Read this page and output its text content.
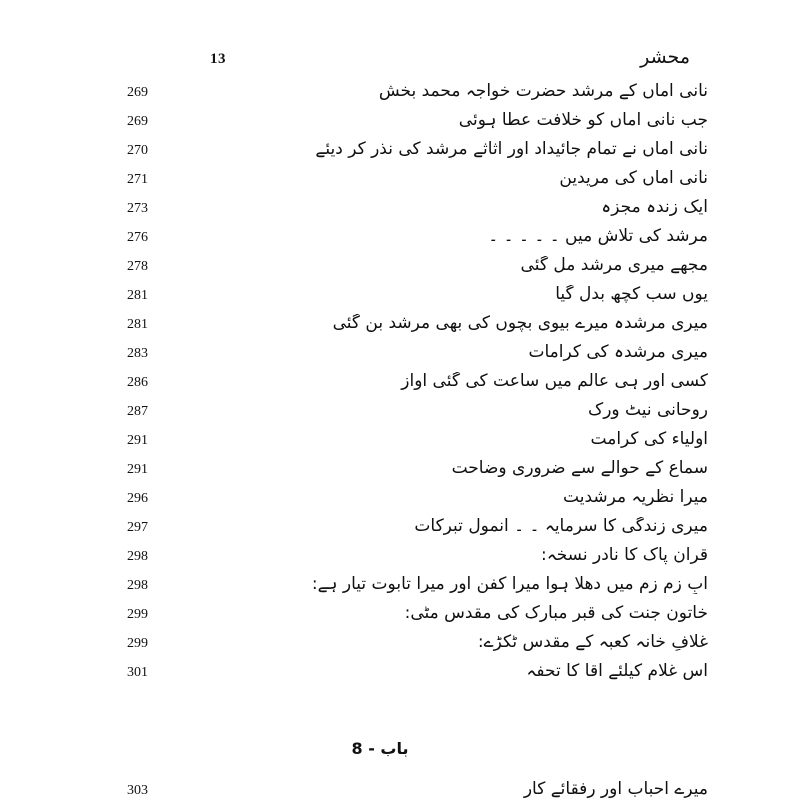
13	محشر
269	نانی اماں کے مرشد حضرت خواجہ محمد بخش
269	جب نانی اماں کو خلافت عطا ہوئی
270	نانی اماں نے تمام جائیداد اور اثاثے مرشد کی نذر کر دیئے
271	نانی اماں کی مریدین
273	ایک زندہ مجزہ
276	مرشد کی تلاش میں ۔ ۔ ۔ ۔ ۔
278	مجھے میری مرشد مل گئی
281	یوں سب کچھ بدل گیا
281	میری مرشدہ میرے بیوی بچوں کی بھی مرشد بن گئی
283	میری مرشدہ کی کرامات
286	کسی اور ہی عالم میں ساعت کی گئی آواز
287	روحانی نیٹ ورک
291	اولیاء کی کرامت
291	سماع کے حوالے سے ضروری وضاحت
296	میرا نظریہ مرشدیت
297	میری زندگی کا سرمایہ ۔ ۔ انمول تبرکات
298	قرآن پاک کا نادر نسخہ:
298	آبِ زم زم میں دھلا ہوا میرا کفن اور میرا تابوت تیار ہے:
299	خاتون جنت کی قبر مبارک کی مقدس مٹی:
299	غلافِ خانہ کعبہ کے مقدس ٹکڑے:
301	اس غلام کیلئے آقا کا تحفہ
باب - 8
303	میرے احباب اور رفقائے کار
